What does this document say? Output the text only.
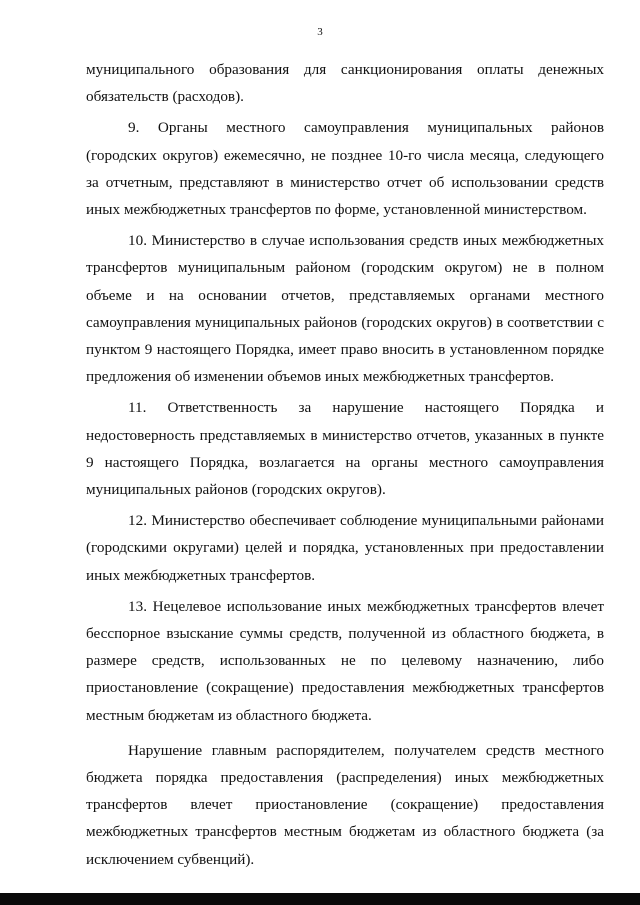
3

муниципального образования для санкционирования оплаты денежных обязательств (расходов).

9. Органы местного самоуправления муниципальных районов (городских округов) ежемесячно, не позднее 10-го числа месяца, следующего за отчетным, представляют в министерство отчет об использовании средств иных межбюджетных трансфертов по форме, установленной министерством.

10. Министерство в случае использования средств иных межбюджетных трансфертов муниципальным районом (городским округом) не в полном объеме и на основании отчетов, представляемых органами местного самоуправления муниципальных районов (городских округов) в соответствии с пунктом 9 настоящего Порядка, имеет право вносить в установленном порядке предложения об изменении объемов иных межбюджетных трансфертов.

11. Ответственность за нарушение настоящего Порядка и недостоверность представляемых в министерство отчетов, указанных в пункте 9 настоящего Порядка, возлагается на органы местного самоуправления муниципальных районов (городских округов).

12. Министерство обеспечивает соблюдение муниципальными районами (городскими округами) целей и порядка, установленных при предоставлении иных межбюджетных трансфертов.

13. Нецелевое использование иных межбюджетных трансфертов влечет бесспорное взыскание суммы средств, полученной из областного бюджета, в размере средств, использованных не по целевому назначению, либо приостановление (сокращение) предоставления межбюджетных трансфертов местным бюджетам из областного бюджета.

Нарушение главным распорядителем, получателем средств местного бюджета порядка предоставления (распределения) иных межбюджетных трансфертов влечет приостановление (сокращение) предоставления межбюджетных трансфертов местным бюджетам из областного бюджета (за исключением субвенций).
